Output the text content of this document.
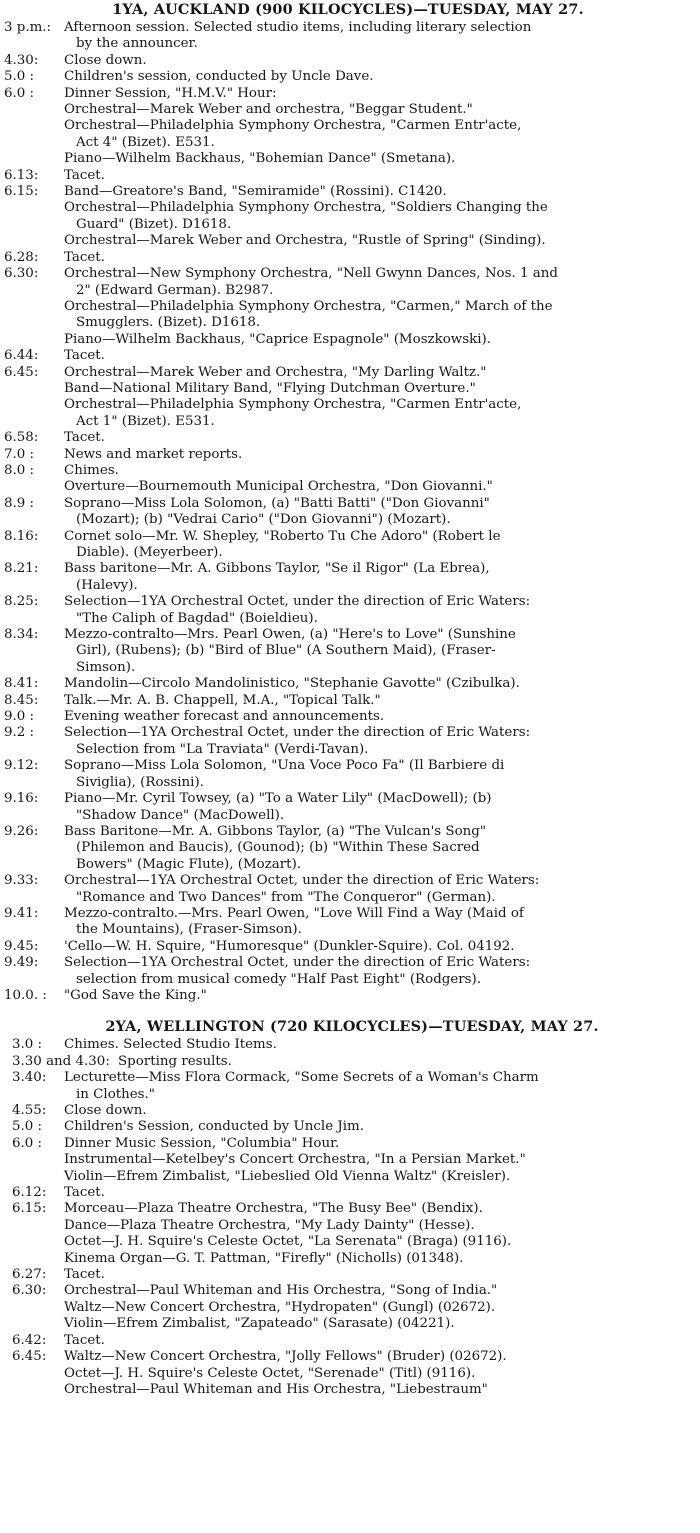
1YA, AUCKLAND (900 KILOCYCLES)—TUESDAY, MAY 27.
3 p.m.: Afternoon session. Selected studio items, including literary selection
by the announcer.
4.30:	Close down.
5.0 :	Children's session, conducted by Uncle Dave.
6.0 :	Dinner Session, "H.M.V." Hour:
Orchestral—Marek Weber and orchestra, "Beggar Student."
Orchestral—Philadelphia Symphony Orchestra, "Carmen Entr'acte,
Act 4" (Bizet). E531.
Piano—Wilhelm Backhaus, "Bohemian Dance" (Smetana).
6.13:	Tacet.
6.15:	Band—Greatore's Band, "Semiramide" (Rossini). C1420.
Orchestral—Philadelphia Symphony Orchestra, "Soldiers Changing the
Guard" (Bizet). D1618.
Orchestral—Marek Weber and Orchestra, "Rustle of Spring" (Sinding).
6.28:	Tacet.
6.30:	Orchestral—New Symphony Orchestra, "Nell Gwynn Dances, Nos. 1 and
2" (Edward German). B2987.
Orchestral—Philadelphia Symphony Orchestra, "Carmen," March of the
Smugglers. (Bizet). D1618.
Piano—Wilhelm Backhaus, "Caprice Espagnole" (Moszkowski).
6.44:	Tacet.
6.45:	Orchestral—Marek Weber and Orchestra, "My Darling Waltz."
Band—National Military Band, "Flying Dutchman Overture."
Orchestral—Philadelphia Symphony Orchestra, "Carmen Entr'acte,
Act 1" (Bizet). E531.
6.58:	Tacet.
7.0 :	News and market reports.
8.0 :	Chimes.
Overture—Bournemouth Municipal Orchestra, "Don Giovanni."
8.9 :	Soprano—Miss Lola Solomon, (a) "Batti Batti" ("Don Giovanni"
(Mozart); (b) "Vedrai Cario" ("Don Giovanni") (Mozart).
8.16:	Cornet solo—Mr. W. Shepley, "Roberto Tu Che Adoro" (Robert le
Diable). (Meyerbeer).
8.21:	Bass baritone—Mr. A. Gibbons Taylor, "Se il Rigor" (La Ebrea),
(Halevy).
8.25:	Selection—1YA Orchestral Octet, under the direction of Eric Waters:
"The Caliph of Bagdad" (Boieldieu).
8.34:	Mezzo-contralto—Mrs. Pearl Owen, (a) "Here's to Love" (Sunshine
Girl), (Rubens); (b) "Bird of Blue" (A Southern Maid), (Fraser-
Simson).
8.41:	Mandolin—Circolo Mandolinistico, "Stephanie Gavotte" (Czibulka).
8.45:	Talk.—Mr. A. B. Chappell, M.A., "Topical Talk."
9.0 :	Evening weather forecast and announcements.
9.2 :	Selection—1YA Orchestral Octet, under the direction of Eric Waters:
Selection from "La Traviata" (Verdi-Tavan).
9.12:	Soprano—Miss Lola Solomon, "Una Voce Poco Fa" (Il Barbiere di
Siviglia), (Rossini).
9.16:	Piano—Mr. Cyril Towsey, (a) "To a Water Lily" (MacDowell); (b)
"Shadow Dance" (MacDowell).
9.26:	Bass Baritone—Mr. A. Gibbons Taylor, (a) "The Vulcan's Song"
(Philemon and Baucis), (Gounod); (b) "Within These Sacred
Bowers" (Magic Flute), (Mozart).
9.33:	Orchestral—1YA Orchestral Octet, under the direction of Eric Waters:
"Romance and Two Dances" from "The Conqueror" (German).
9.41:	Mezzo-contralto.—Mrs. Pearl Owen, "Love Will Find a Way (Maid of
the Mountains), (Fraser-Simson).
9.45:	'Cello—W. H. Squire, "Humoresque" (Dunkler-Squire). Col. 04192.
9.49:	Selection—1YA Orchestral Octet, under the direction of Eric Waters:
selection from musical comedy "Half Past Eight" (Rodgers).
10.0. :	"God Save the King."
2YA, WELLINGTON (720 KILOCYCLES)—TUESDAY, MAY 27.
3.0 :	Chimes. Selected Studio Items.
3.30 and 4.30: Sporting results.
3.40:	Lecturette—Miss Flora Cormack, "Some Secrets of a Woman's Charm
in Clothes."
4.55:	Close down.
5.0 :	Children's Session, conducted by Uncle Jim.
6.0 :	Dinner Music Session, "Columbia" Hour.
Instrumental—Ketelbey's Concert Orchestra, "In a Persian Market."
Violin—Efrem Zimbalist, "Liebeslied Old Vienna Waltz" (Kreisler).
6.12:	Tacet.
6.15:	Morceau—Plaza Theatre Orchestra, "The Busy Bee" (Bendix).
Dance—Plaza Theatre Orchestra, "My Lady Dainty" (Hesse).
Octet—J. H. Squire's Celeste Octet, "La Serenata" (Braga) (9116).
Kinema Organ—G. T. Pattman, "Firefly" (Nicholls) (01348).
6.27:	Tacet.
6.30:	Orchestral—Paul Whiteman and His Orchestra, "Song of India."
Waltz—New Concert Orchestra, "Hydropaten" (Gungl) (02672).
Violin—Efrem Zimbalist, "Zapateado" (Sarasate) (04221).
6.42:	Tacet.
6.45:	Waltz—New Concert Orchestra, "Jolly Fellows" (Bruder) (02672).
Octet—J. H. Squire's Celeste Octet, "Serenade" (Titl) (9116).
Orchestral—Paul Whiteman and His Orchestra, "Liebestraum"
